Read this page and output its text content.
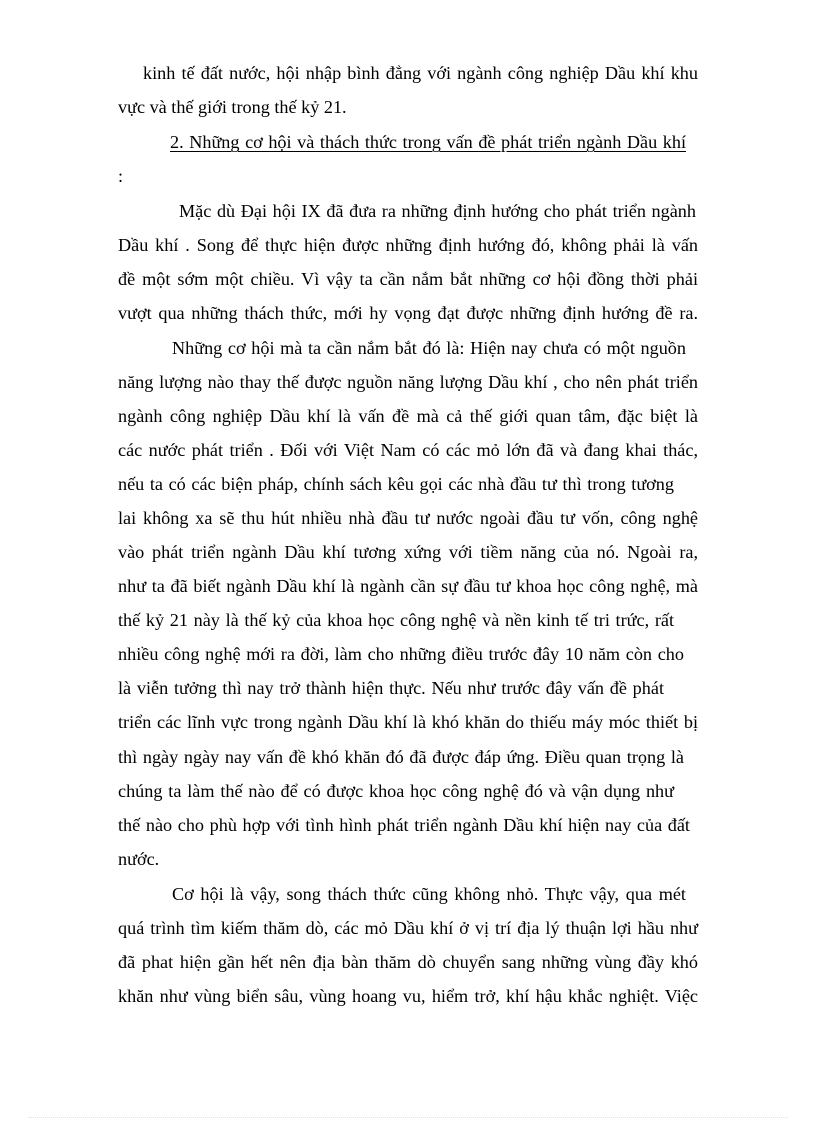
kinh tế đất nước, hội nhập bình đẳng với ngành công nghiệp Dầu khí khu
vực và thế giới trong thế kỷ 21.
2. Những cơ hội và thách thức trong vấn đề phát triển ngành Dầu khí
:
Mặc dù Đại hội IX đã đưa ra những định hướng cho phát triển ngành
Dầu khí . Song để thực hiện được những định hướng đó, không phải là vấn
đề một sớm một chiều. Vì vậy ta cần nắm bắt những cơ hội đồng thời phải
vượt qua những thách thức, mới hy vọng đạt được những định hướng đề ra.
Những cơ hội mà ta cần nắm bắt đó là: Hiện nay chưa có một nguồn
năng lượng nào thay thế được nguồn năng lượng Dầu khí , cho nên phát triển
ngành công nghiệp Dầu khí là vấn đề mà cả thế giới quan tâm, đặc biệt là
các nước phát triển . Đối với Việt Nam có các mỏ lớn đã và đang khai thác,
nếu ta có các biện pháp, chính sách kêu gọi các nhà đầu tư thì trong tương
lai không xa sẽ thu hút nhiều nhà đầu tư nước ngoài đầu tư vốn, công nghệ
vào phát triển ngành Dầu khí tương xứng với tiềm năng của nó. Ngoài ra,
như ta đã biết ngành Dầu khí là ngành cần sự đầu tư khoa học công nghệ, mà
thế kỷ 21 này là thế kỷ của khoa học công nghệ và nền kinh tế tri trức, rất
nhiều công nghệ mới ra đời, làm cho những điều trước đây 10 năm còn cho
là viễn tưởng thì nay trở thành hiện thực. Nếu như trước đây vấn đề phát
triển các lĩnh vực trong ngành Dầu khí là khó khăn do thiếu máy móc thiết bị
thì ngày ngày nay vấn đề khó khăn đó đã được đáp ứng. Điều quan trọng là
chúng ta làm thế nào để có được khoa học công nghệ đó và vận dụng như
thế nào cho phù hợp với tình hình phát triển ngành Dầu khí hiện nay của đất
nước.
Cơ hội là vậy, song thách thức cũng không nhỏ. Thực vậy, qua mét
quá trình tìm kiếm thăm dò, các mỏ Dầu khí ở vị trí địa lý thuận lợi hầu như
đã phat hiện gần hết nên địa bàn thăm dò chuyển sang những vùng đầy khó
khăn như vùng biển sâu, vùng hoang vu, hiểm trở, khí hậu khắc nghiệt. Việc
